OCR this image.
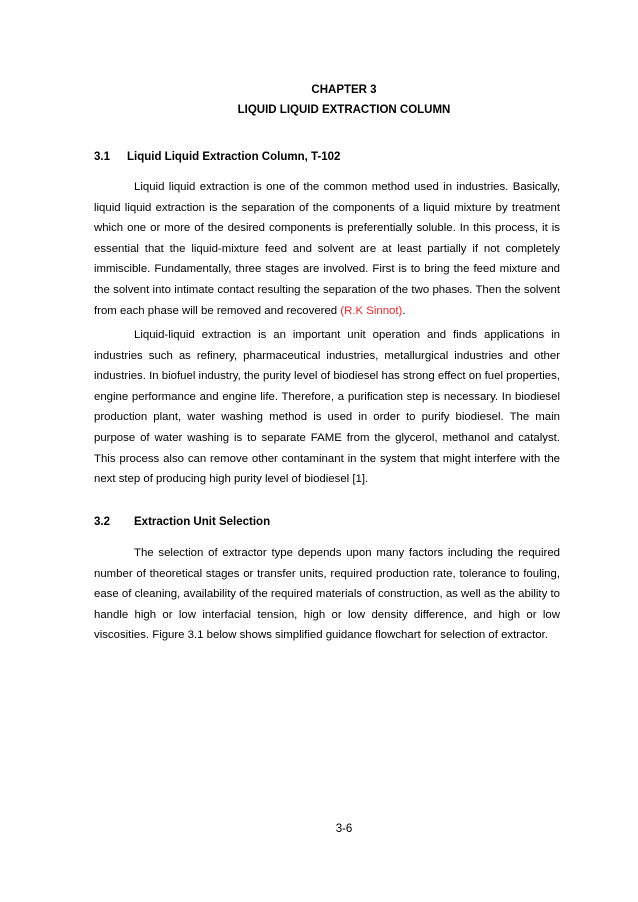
CHAPTER 3
LIQUID LIQUID EXTRACTION COLUMN
3.1 Liquid Liquid Extraction Column, T-102

Liquid liquid extraction is one of the common method used in industries. Basically, liquid liquid extraction is the separation of the components of a liquid mixture by treatment which one or more of the desired components is preferentially soluble. In this process, it is essential that the liquid-mixture feed and solvent are at least partially if not completely immiscible. Fundamentally, three stages are involved. First is to bring the feed mixture and the solvent into intimate contact resulting the separation of the two phases. Then the solvent from each phase will be removed and recovered (R.K Sinnot).

Liquid-liquid extraction is an important unit operation and finds applications in industries such as refinery, pharmaceutical industries, metallurgical industries and other industries. In biofuel industry, the purity level of biodiesel has strong effect on fuel properties, engine performance and engine life. Therefore, a purification step is necessary. In biodiesel production plant, water washing method is used in order to purify biodiesel. The main purpose of water washing is to separate FAME from the glycerol, methanol and catalyst. This process also can remove other contaminant in the system that might interfere with the next step of producing high purity level of biodiesel [1].

3.2 Extraction Unit Selection

The selection of extractor type depends upon many factors including the required number of theoretical stages or transfer units, required production rate, tolerance to fouling, ease of cleaning, availability of the required materials of construction, as well as the ability to handle high or low interfacial tension, high or low density difference, and high or low viscosities. Figure 3.1 below shows simplified guidance flowchart for selection of extractor.

3-6
